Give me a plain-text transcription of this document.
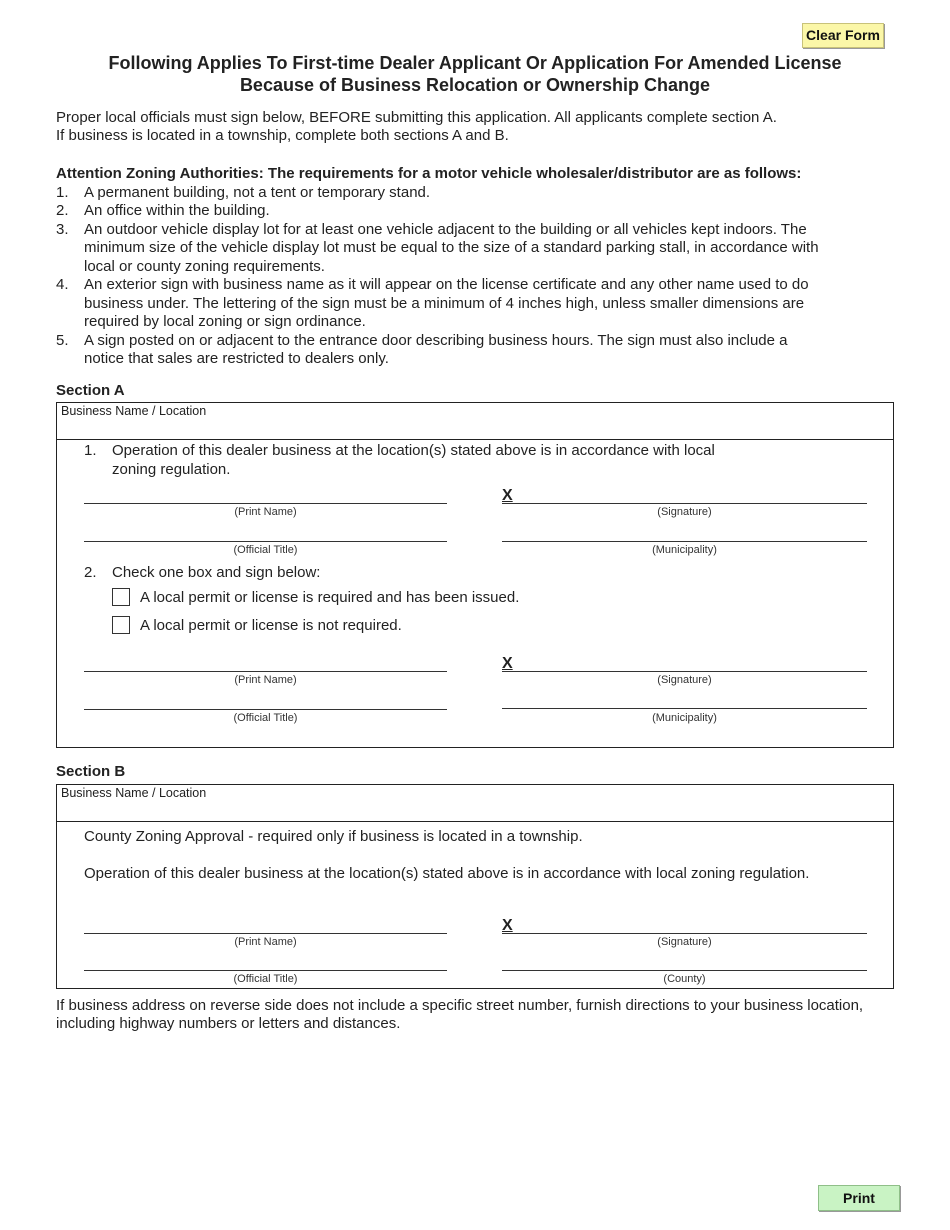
Clear Form
Print
Following Applies To First-time Dealer Applicant Or Application For Amended License
Because of Business Relocation or Ownership Change
Proper local officials must sign below, BEFORE submitting this application. All applicants complete section A.
If business is located in a township, complete both sections A and B.
Attention Zoning Authorities: The requirements for a motor vehicle wholesaler/distributor are as follows:
1. A permanent building, not a tent or temporary stand.
2. An office within the building.
3. An outdoor vehicle display lot for at least one vehicle adjacent to the building or all vehicles kept indoors. The
minimum size of the vehicle display lot must be equal to the size of a standard parking stall, in accordance with
local or county zoning requirements.
4. An exterior sign with business name as it will appear on the license certificate and any other name used to do
business under. The lettering of the sign must be a minimum of 4 inches high, unless smaller dimensions are
required by local zoning or sign ordinance.
5. A sign posted on or adjacent to the entrance door describing business hours. The sign must also include a
notice that sales are restricted to dealers only.
Section A
Business Name / Location
1. Operation of this dealer business at the location(s) stated above is in accordance with local
zoning regulation.
X
(Print Name)	(Signature)
(Official Title)	(Municipality)
2. Check one box and sign below:
A local permit or license is required and has been issued.
A local permit or license is not required.
X
(Print Name)	(Signature)
(Official Title)	(Municipality)
Section B
Business Name / Location
County Zoning Approval - required only if business is located in a township.
Operation of this dealer business at the location(s) stated above is in accordance with local zoning regulation.
X
(Print Name)	(Signature)
(Official Title)	(County)
If business address on reverse side does not include a specific street number, furnish directions to your business location,
including highway numbers or letters and distances.
